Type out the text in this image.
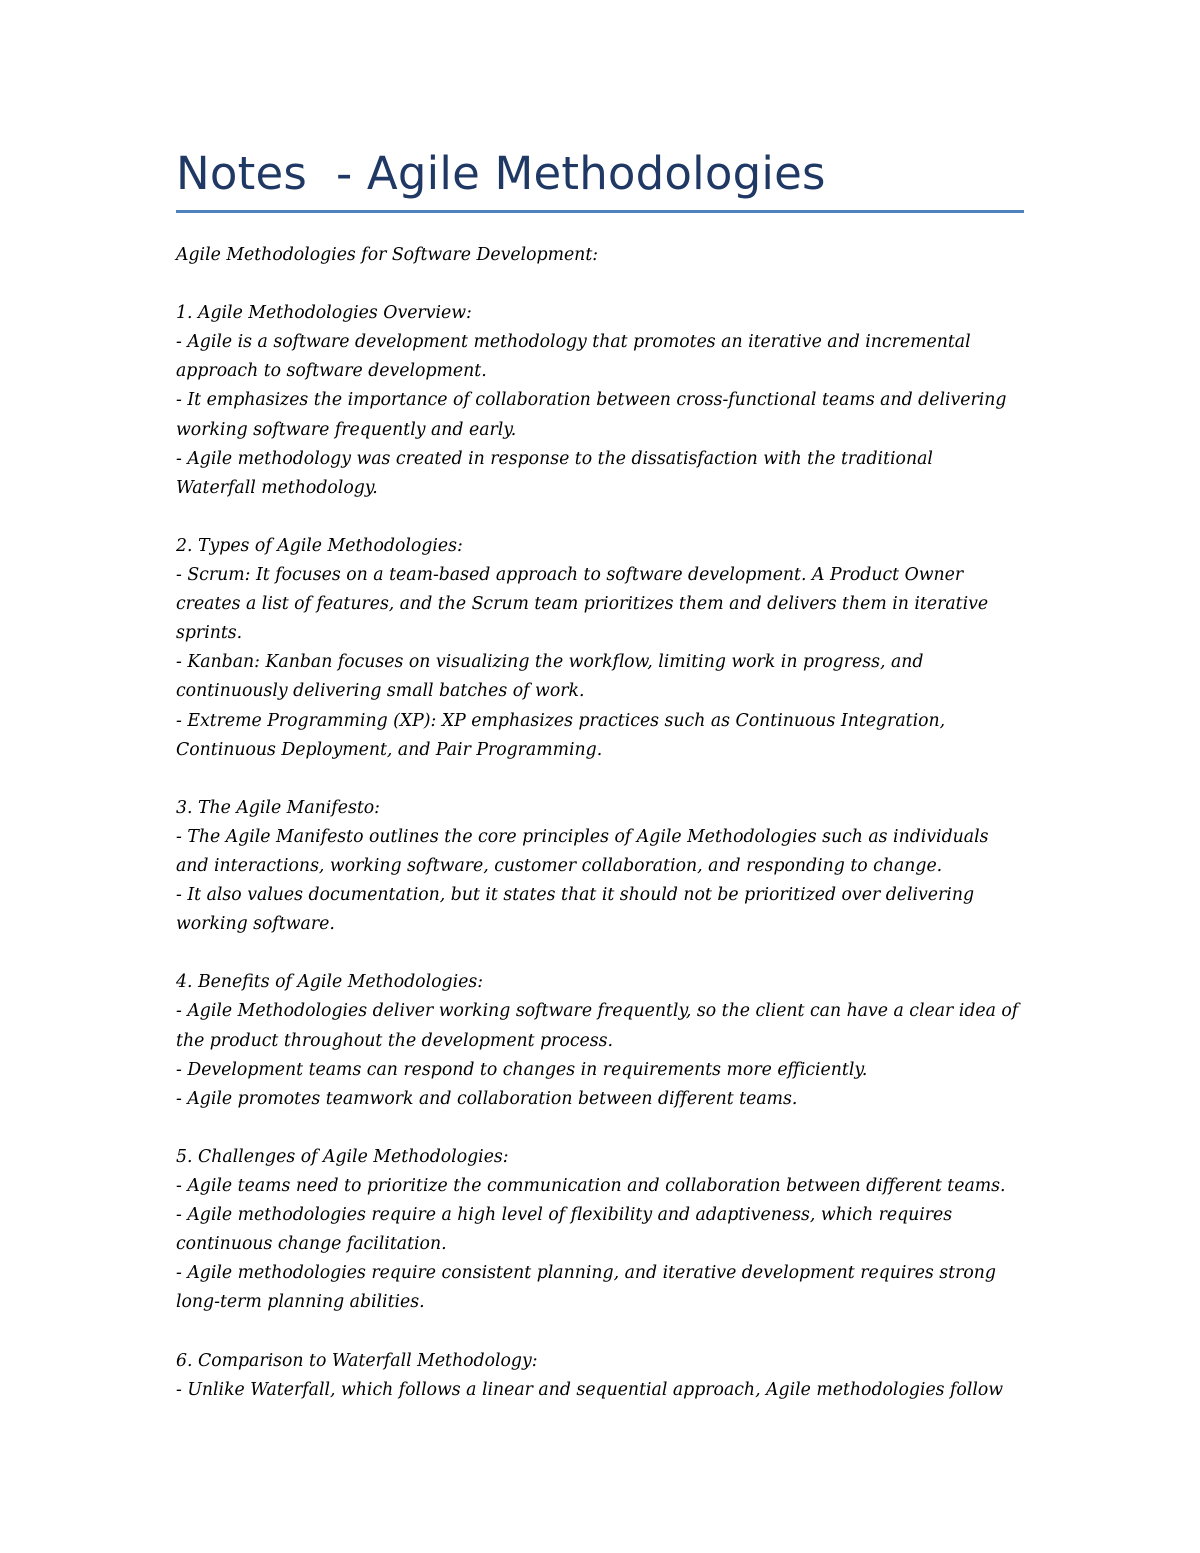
Notes  - Agile Methodologies
Agile Methodologies for Software Development:
1. Agile Methodologies Overview:
- Agile is a software development methodology that promotes an iterative and incremental
approach to software development.
- It emphasizes the importance of collaboration between cross-functional teams and delivering
working software frequently and early.
- Agile methodology was created in response to the dissatisfaction with the traditional
Waterfall methodology.
2. Types of Agile Methodologies:
- Scrum: It focuses on a team-based approach to software development. A Product Owner
creates a list of features, and the Scrum team prioritizes them and delivers them in iterative
sprints.
- Kanban: Kanban focuses on visualizing the workflow, limiting work in progress, and
continuously delivering small batches of work.
- Extreme Programming (XP): XP emphasizes practices such as Continuous Integration,
Continuous Deployment, and Pair Programming.
3. The Agile Manifesto:
- The Agile Manifesto outlines the core principles of Agile Methodologies such as individuals
and interactions, working software, customer collaboration, and responding to change.
- It also values documentation, but it states that it should not be prioritized over delivering
working software.
4. Benefits of Agile Methodologies:
- Agile Methodologies deliver working software frequently, so the client can have a clear idea of
the product throughout the development process.
- Development teams can respond to changes in requirements more efficiently.
- Agile promotes teamwork and collaboration between different teams.
5. Challenges of Agile Methodologies:
- Agile teams need to prioritize the communication and collaboration between different teams.
- Agile methodologies require a high level of flexibility and adaptiveness, which requires
continuous change facilitation.
- Agile methodologies require consistent planning, and iterative development requires strong
long-term planning abilities.
6. Comparison to Waterfall Methodology:
- Unlike Waterfall, which follows a linear and sequential approach, Agile methodologies follow
